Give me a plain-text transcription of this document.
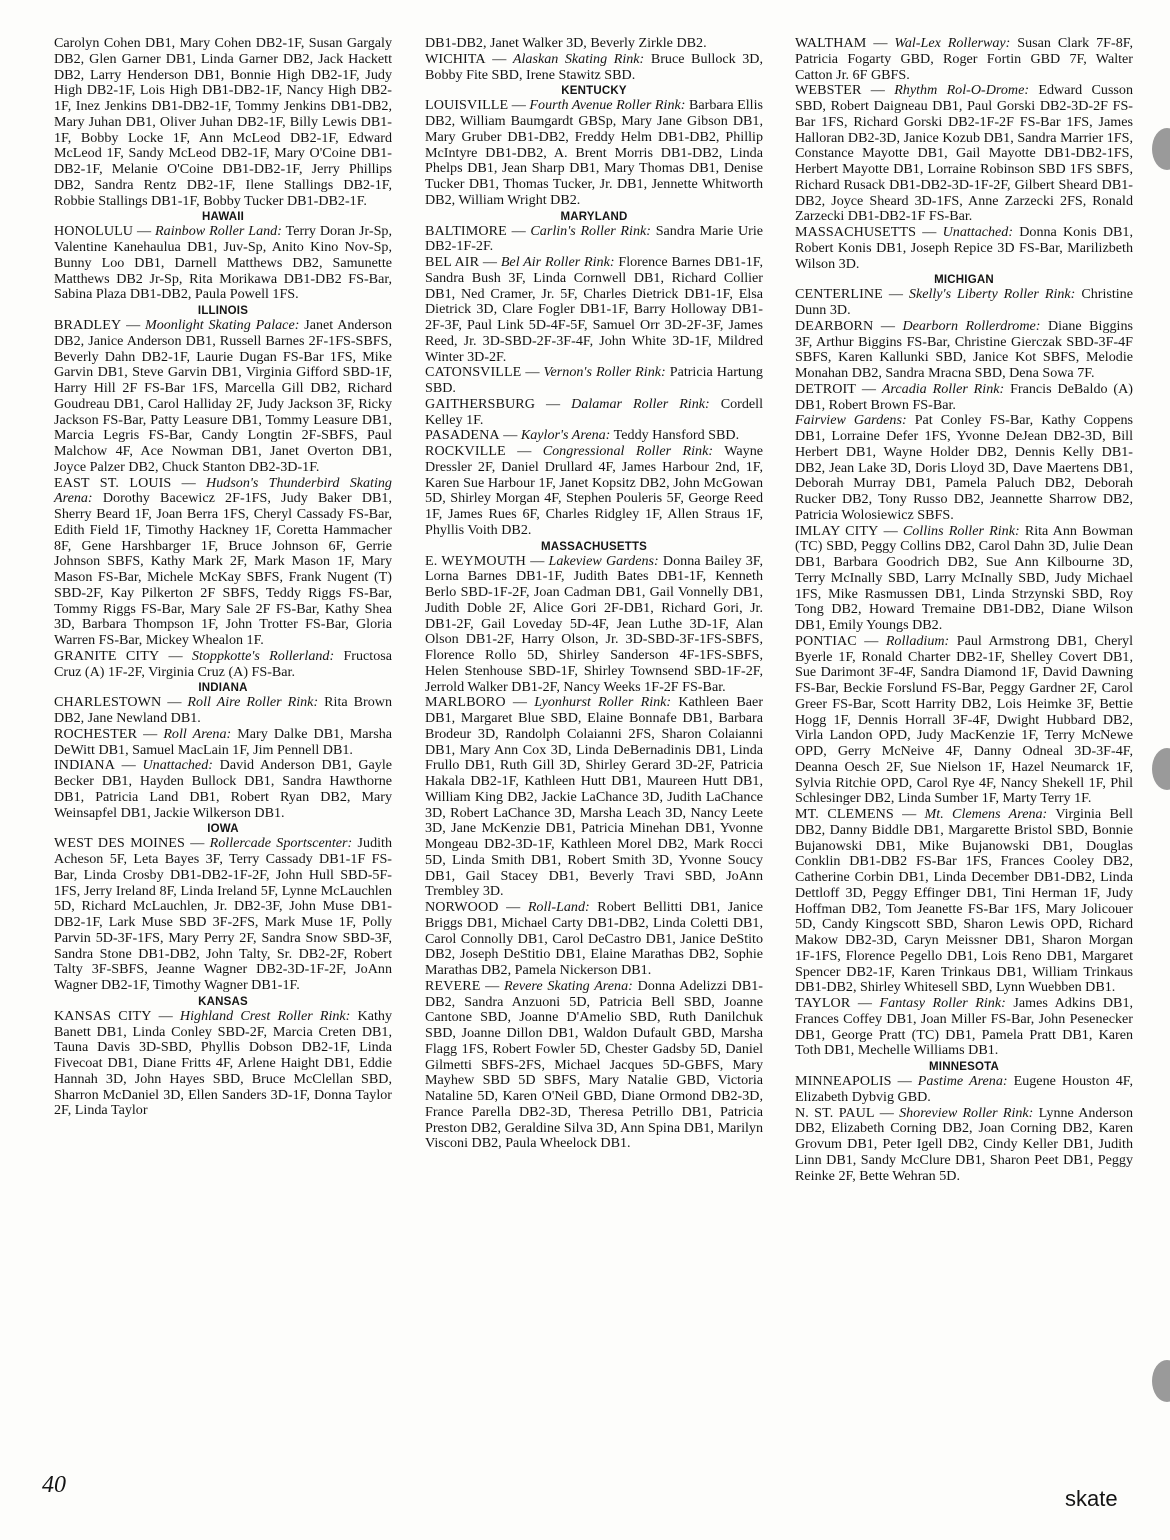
Carolyn Cohen DB1, Mary Cohen DB2-1F, Susan Gargaly DB2, Glen Garner DB1, Linda Garner DB2, Jack Hackett DB2, Larry Henderson DB1, Bonnie High DB2-1F, Judy High DB2-1F, Lois High DB1-DB2-1F, Nancy High DB2-1F, Inez Jenkins DB1-DB2-1F, Tommy Jenkins DB1-DB2, Mary Juhan DB1, Oliver Juhan DB2-1F, Billy Lewis DB1-1F, Bobby Locke 1F, Ann McLeod DB2-1F, Edward McLeod 1F, Sandy McLeod DB2-1F, Mary O'Coine DB1-DB2-1F, Melanie O'Coine DB1-DB2-1F, Jerry Phillips DB2, Sandra Rentz DB2-1F, Ilene Stallings DB2-1F, Robbie Stallings DB1-1F, Bobby Tucker DB1-DB2-1F.

HAWAII

HONOLULU — Rainbow Roller Land: Terry Doran Jr-Sp, Valentine Kanehaulua DB1, Juv-Sp, Anito Kino Nov-Sp, Bunny Loo DB1, Darnell Matthews DB2, Samunette Matthews DB2 Jr-Sp, Rita Morikawa DB1-DB2 FS-Bar, Sabina Plaza DB1-DB2, Paula Powell 1FS.

ILLINOIS

BRADLEY — Moonlight Skating Palace: Janet Anderson DB2, Janice Anderson DB1, Russell Barnes 2F-1FS-SBFS, Beverly Dahn DB2-1F, Laurie Dugan FS-Bar 1FS, Mike Garvin DB1, Steve Garvin DB1, Virginia Gifford SBD-1F, Harry Hill 2F FS-Bar 1FS, Marcella Gill DB2, Richard Goudreau DB1, Carol Halliday 2F, Judy Jackson 3F, Ricky Jackson FS-Bar, Patty Leasure DB1, Tommy Leasure DB1, Marcia Legris FS-Bar, Candy Longtin 2F-SBFS, Paul Malchow 4F, Ace Nowman DB1, Janet Overton DB1, Joyce Palzer DB2, Chuck Stanton DB2-3D-1F.

EAST ST. LOUIS — Hudson's Thunderbird Skating Arena: Dorothy Bacewicz 2F-1FS, Judy Baker DB1, Sherry Beard 1F, Joan Berra 1FS, Cheryl Cassady FS-Bar, Edith Field 1F, Timothy Hackney 1F, Coretta Hammacher 8F, Gene Harshbarger 1F, Bruce Johnson 6F, Gerrie Johnson SBFS, Kathy Mark 2F, Mark Mason 1F, Mary Mason FS-Bar, Michele McKay SBFS, Frank Nugent (T) SBD-2F, Kay Pilkerton 2F SBFS, Teddy Riggs FS-Bar, Tommy Riggs FS-Bar, Mary Sale 2F FS-Bar, Kathy Shea 3D, Barbara Thompson 1F, John Trotter FS-Bar, Gloria Warren FS-Bar, Mickey Whealon 1F.

GRANITE CITY — Stoppkotte's Rollerland: Fructosa Cruz (A) 1F-2F, Virginia Cruz (A) FS-Bar.

INDIANA

CHARLESTOWN — Roll Aire Roller Rink: Rita Brown DB2, Jane Newland DB1.

ROCHESTER — Roll Arena: Mary Dalke DB1, Marsha DeWitt DB1, Samuel MacLain 1F, Jim Pennell DB1.

INDIANA — Unattached: David Anderson DB1, Gayle Becker DB1, Hayden Bullock DB1, Sandra Hawthorne DB1, Patricia Land DB1, Robert Ryan DB2, Mary Weinsapfel DB1, Jackie Wilkerson DB1.

IOWA

WEST DES MOINES — Rollercade Sportscenter: Judith Acheson 5F, Leta Bayes 3F, Terry Cassady DB1-1F FS-Bar, Linda Crosby DB1-DB2-1F-2F, John Hull SBD-5F-1FS, Jerry Ireland 8F, Linda Ireland 5F, Lynne McLauchlen 5D, Richard McLauchlen, Jr. DB2-3F, John Muse DB1-DB2-1F, Lark Muse SBD 3F-2FS, Mark Muse 1F, Polly Parvin 5D-3F-1FS, Mary Perry 2F, Sandra Snow SBD-3F, Sandra Stone DB1-DB2, John Talty, Sr. DB2-2F, Robert Talty 3F-SBFS, Jeanne Wagner DB2-3D-1F-2F, JoAnn Wagner DB2-1F, Timothy Wagner DB1-1F.

KANSAS

KANSAS CITY — Highland Crest Roller Rink: Kathy Banett DB1, Linda Conley SBD-2F, Marcia Creten DB1, Tauna Davis 3D-SBD, Phyllis Dobson DB2-1F, Linda Fivecoat DB1, Diane Fritts 4F, Arlene Haight DB1, Eddie Hannah 3D, John Hayes SBD, Bruce McClellan SBD, Sharron McDaniel 3D, Ellen Sanders 3D-1F, Donna Taylor 2F, Linda Taylor

DB1-DB2, Janet Walker 3D, Beverly Zirkle DB2.

WICHITA — Alaskan Skating Rink: Bruce Bullock 3D, Bobby Fite SBD, Irene Stawitz SBD.

KENTUCKY

LOUISVILLE — Fourth Avenue Roller Rink: Barbara Ellis DB2, William Baumgardt GBSp, Mary Jane Gibson DB1, Mary Gruber DB1-DB2, Freddy Helm DB1-DB2, Phillip McIntyre DB1-DB2, A. Brent Morris DB1-DB2, Linda Phelps DB1, Jean Sharp DB1, Mary Thomas DB1, Denise Tucker DB1, Thomas Tucker, Jr. DB1, Jennette Whitworth DB2, William Wright DB2.

MARYLAND

BALTIMORE — Carlin's Roller Rink: Sandra Marie Urie DB2-1F-2F.

BEL AIR — Bel Air Roller Rink: Florence Barnes DB1-1F, Sandra Bush 3F, Linda Cornwell DB1, Richard Collier DB1, Ned Cramer, Jr. 5F, Charles Dietrick DB1-1F, Elsa Dietrick 3D, Clare Fogler DB1-1F, Barry Holloway DB1-2F-3F, Paul Link 5D-4F-5F, Samuel Orr 3D-2F-3F, James Reed, Jr. 3D-SBD-2F-3F-4F, John White 3D-1F, Mildred Winter 3D-2F.

CATONSVILLE — Vernon's Roller Rink: Patricia Hartung SBD.

GAITHERSBURG — Dalamar Roller Rink: Cordell Kelley 1F.

PASADENA — Kaylor's Arena: Teddy Hansford SBD.

ROCKVILLE — Congressional Roller Rink: Wayne Dressler 2F, Daniel Drullard 4F, James Harbour 2nd, 1F, Karen Sue Harbour 1F, Janet Kopsitz DB2, John McGowan 5D, Shirley Morgan 4F, Stephen Pouleris 5F, George Reed 1F, James Rues 6F, Charles Ridgley 1F, Allen Straus 1F, Phyllis Voith DB2.

MASSACHUSETTS

E. WEYMOUTH — Lakeview Gardens: Donna Bailey 3F, Lorna Barnes DB1-1F, Judith Bates DB1-1F, Kenneth Berlo SBD-1F-2F, Joan Cadman DB1, Gail Vonnelly DB1, Judith Doble 2F, Alice Gori 2F-DB1, Richard Gori, Jr. DB1-2F, Gail Loveday 5D-4F, Jean Luthe 3D-1F, Alan Olson DB1-2F, Harry Olson, Jr. 3D-SBD-3F-1FS-SBFS, Florence Rollo 5D, Shirley Sanderson 4F-1FS-SBFS, Helen Stenhouse SBD-1F, Shirley Townsend SBD-1F-2F, Jerrold Walker DB1-2F, Nancy Weeks 1F-2F FS-Bar.

MARLBORO — Lyonhurst Roller Rink: Kathleen Baer DB1, Margaret Blue SBD, Elaine Bonnafe DB1, Barbara Brodeur 3D, Randolph Colaianni 2FS, Sharon Colaianni DB1, Mary Ann Cox 3D, Linda DeBernadinis DB1, Linda Frullo DB1, Ruth Gill 3D, Shirley Gerard 3D-2F, Patricia Hakala DB2-1F, Kathleen Hutt DB1, Maureen Hutt DB1, William King DB2, Jackie LaChance 3D, Judith LaChance 3D, Robert LaChance 3D, Marsha Leach 3D, Nancy Leete 3D, Jane McKenzie DB1, Patricia Minehan DB1, Yvonne Mongeau DB2-3D-1F, Kathleen Morel DB2, Mark Rocci 5D, Linda Smith DB1, Robert Smith 3D, Yvonne Soucy DB1, Gail Stacey DB1, Beverly Travi SBD, JoAnn Trembley 3D.

NORWOOD — Roll-Land: Robert Bellitti DB1, Janice Briggs DB1, Michael Carty DB1-DB2, Linda Coletti DB1, Carol Connolly DB1, Carol DeCastro DB1, Janice DeStito DB2, Joseph DeStitio DB1, Elaine Marathas DB2, Sophie Marathas DB2, Pamela Nickerson DB1.

REVERE — Revere Skating Arena: Donna Adelizzi DB1-DB2, Sandra Anzuoni 5D, Patricia Bell SBD, Joanne Cantone SBD, Joanne D'Amelio SBD, Ruth Danilchuk SBD, Joanne Dillon DB1, Waldon Dufault GBD, Marsha Flagg 1FS, Robert Fowler 5D, Chester Gadsby 5D, Daniel Gilmetti SBFS-2FS, Michael Jacques 5D-GBFS, Mary Mayhew SBD 5D SBFS, Mary Natalie GBD, Victoria Nataline 5D, Karen O'Neil GBD, Diane Ormond DB2-3D, France Parella DB2-3D, Theresa Petrillo DB1, Patricia Preston DB2, Geraldine Silva 3D, Ann Spina DB1, Marilyn Visconi DB2, Paula Wheelock DB1.

WALTHAM — Wal-Lex Rollerway: Susan Clark 7F-8F, Patricia Fogarty GBD, Roger Fortin GBD 7F, Walter Catton Jr. 6F GBFS.

WEBSTER — Rhythm Rol-O-Drome: Edward Cusson SBD, Robert Daigneau DB1, Paul Gorski DB2-3D-2F FS-Bar 1FS, Richard Gorski DB2-1F-2F FS-Bar 1FS, James Halloran DB2-3D, Janice Kozub DB1, Sandra Marrier 1FS, Constance Mayotte DB1, Gail Mayotte DB1-DB2-1FS, Herbert Mayotte DB1, Lorraine Robinson SBD 1FS SBFS, Richard Rusack DB1-DB2-3D-1F-2F, Gilbert Sheard DB1-DB2, Joyce Sheard 3D-1FS, Anne Zarzecki 2FS, Ronald Zarzecki DB1-DB2-1F FS-Bar.

MASSACHUSETTS — Unattached: Donna Konis DB1, Robert Konis DB1, Joseph Repice 3D FS-Bar, Marilizbeth Wilson 3D.

MICHIGAN

CENTERLINE — Skelly's Liberty Roller Rink: Christine Dunn 3D.

DEARBORN — Dearborn Rollerdrome: Diane Biggins 3F, Arthur Biggins FS-Bar, Christine Gierczak SBD-3F-4F SBFS, Karen Kallunki SBD, Janice Kot SBFS, Melodie Monahan DB2, Sandra Mracna SBD, Dena Sowa 7F.

DETROIT — Arcadia Roller Rink: Francis DeBaldo (A) DB1, Robert Brown FS-Bar.

Fairview Gardens: Pat Conley FS-Bar, Kathy Coppens DB1, Lorraine Defer 1FS, Yvonne DeJean DB2-3D, Bill Herbert DB1, Wayne Holder DB2, Dennis Kelly DB1-DB2, Jean Lake 3D, Doris Lloyd 3D, Dave Maertens DB1, Deborah Murray DB1, Pamela Paluch DB2, Deborah Rucker DB2, Tony Russo DB2, Jeannette Sharrow DB2, Patricia Wolosiewicz SBFS.

IMLAY CITY — Collins Roller Rink: Rita Ann Bowman (TC) SBD, Peggy Collins DB2, Carol Dahn 3D, Julie Dean DB1, Barbara Goodrich DB2, Sue Ann Kilbourne 3D, Terry McInally SBD, Larry McInally SBD, Judy Michael 1FS, Mike Rasmussen DB1, Linda Strzynski SBD, Roy Tong DB2, Howard Tremaine DB1-DB2, Diane Wilson DB1, Emily Youngs DB2.

PONTIAC — Rolladium: Paul Armstrong DB1, Cheryl Byerle 1F, Ronald Charter DB2-1F, Shelley Covert DB1, Sue Darimont 3F-4F, Sandra Diamond 1F, David Dawning FS-Bar, Beckie Forslund FS-Bar, Peggy Gardner 2F, Carol Greer FS-Bar, Scott Harrity DB2, Lois Heimke 3F, Bettie Hogg 1F, Dennis Horrall 3F-4F, Dwight Hubbard DB2, Virla Landon OPD, Judy MacKenzie 1F, Terry McNewe OPD, Gerry McNeive 4F, Danny Odneal 3D-3F-4F, Deanna Oesch 2F, Sue Nielson 1F, Hazel Neumarck 1F, Sylvia Ritchie OPD, Carol Rye 4F, Nancy Shekell 1F, Phil Schlesinger DB2, Linda Sumber 1F, Marty Terry 1F.

MT. CLEMENS — Mt. Clemens Arena: Virginia Bell DB2, Danny Biddle DB1, Margarette Bristol SBD, Bonnie Bujanowski DB1, Mike Bujanowski DB1, Douglas Conklin DB1-DB2 FS-Bar 1FS, Frances Cooley DB2, Catherine Corbin DB1, Linda December DB1-DB2, Linda Dettloff 3D, Peggy Effinger DB1, Tini Herman 1F, Judy Hoffman DB2, Tom Jeanette FS-Bar 1FS, Mary Jolicouer 5D, Candy Kingscott SBD, Sharon Lewis OPD, Richard Makow DB2-3D, Caryn Meissner DB1, Sharon Morgan 1F-1FS, Florence Pegello DB1, Lois Reno DB1, Margaret Spencer DB2-1F, Karen Trinkaus DB1, William Trinkaus DB1-DB2, Shirley Whitesell SBD, Lynn Wuebben DB1.

TAYLOR — Fantasy Roller Rink: James Adkins DB1, Frances Coffey DB1, Joan Miller FS-Bar, John Pesenecker DB1, George Pratt (TC) DB1, Pamela Pratt DB1, Karen Toth DB1, Mechelle Williams DB1.

MINNESOTA

MINNEAPOLIS — Pastime Arena: Eugene Houston 4F, Elizabeth Dybvig GBD.

N. ST. PAUL — Shoreview Roller Rink: Lynne Anderson DB2, Elizabeth Corning DB2, Joan Corning DB2, Karen Grovum DB1, Peter Igell DB2, Cindy Keller DB1, Judith Linn DB1, Sandy McClure DB1, Sharon Peet DB1, Peggy Reinke 2F, Bette Wehran 5D.

40
skate
